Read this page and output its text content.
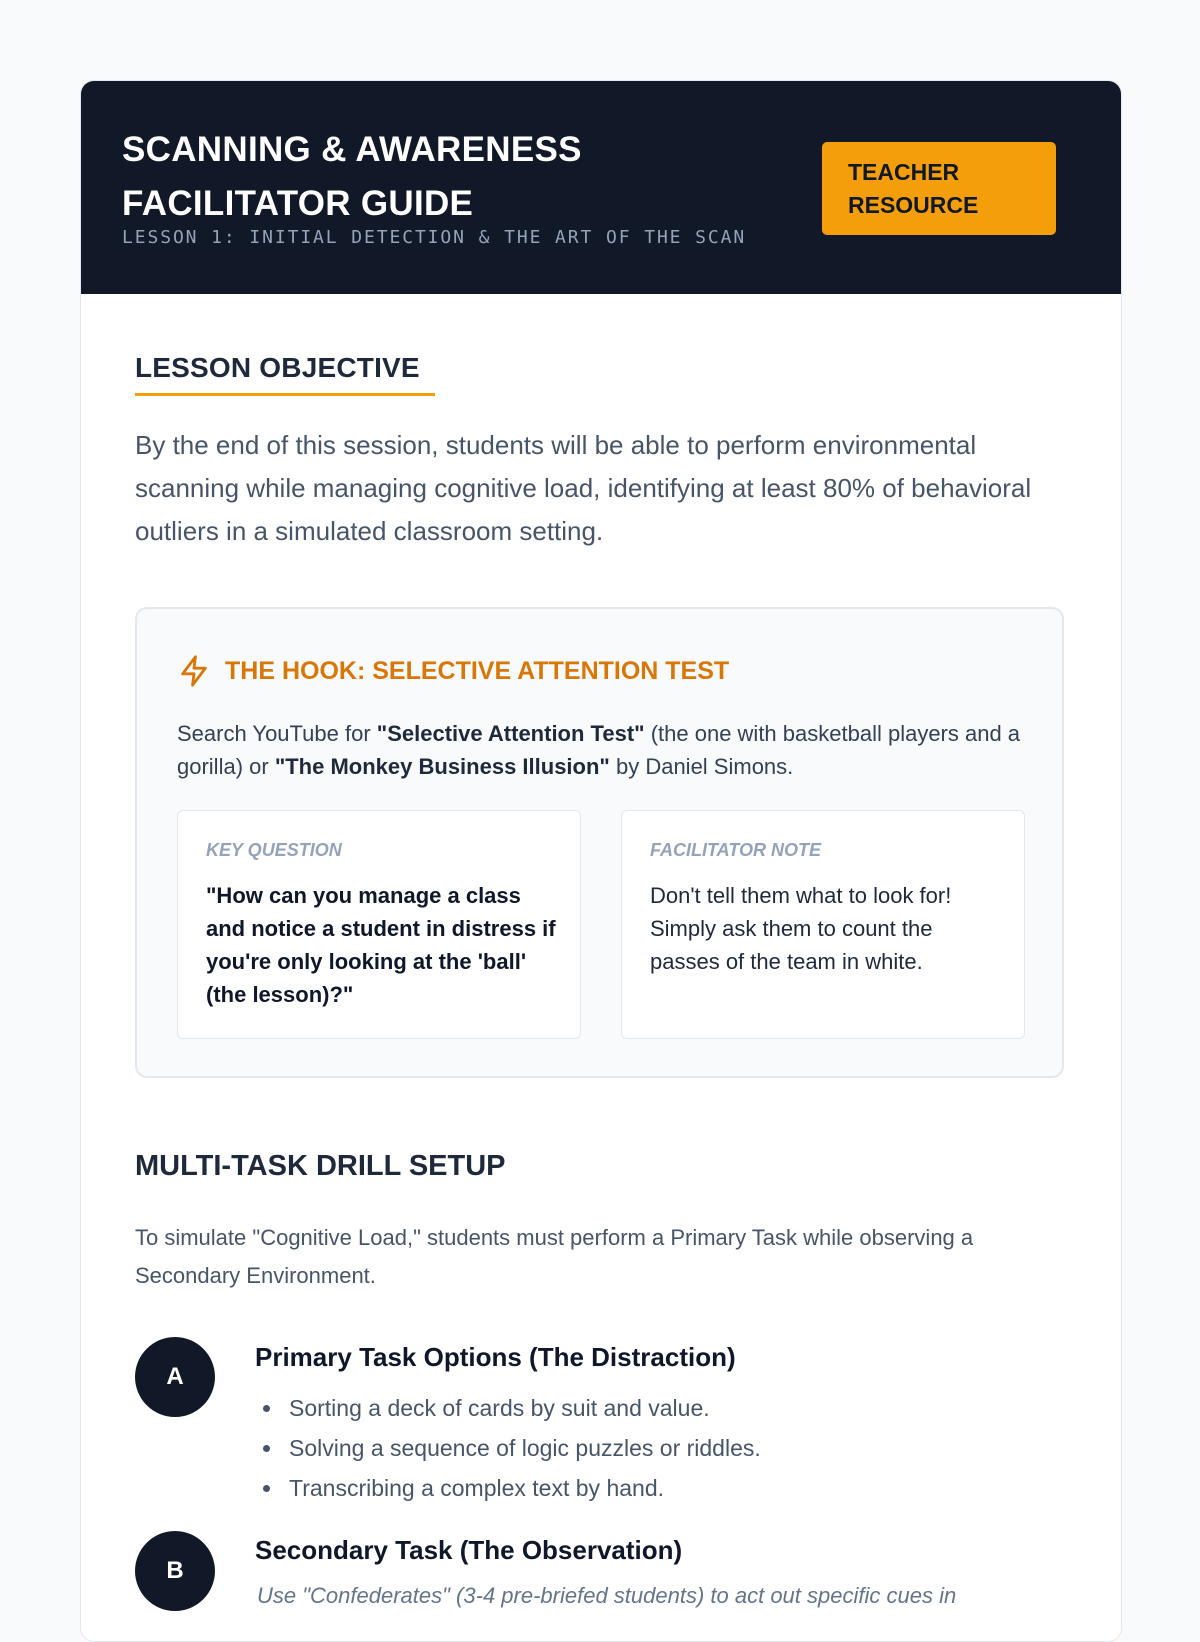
SCANNING & AWARENESS
FACILITATOR GUIDE

LESSON 1: INITIAL DETECTION & THE ART OF THE SCAN

TEACHER
RESOURCE
LESSON OBJECTIVE

By the end of this session, students will be able to perform environmental scanning while managing cognitive load, identifying at least 80% of behavioral outliers in a simulated classroom setting.

THE HOOK: SELECTIVE ATTENTION TEST

Search YouTube for "Selective Attention Test" (the one with basketball players and a gorilla) or "The Monkey Business Illusion" by Daniel Simons.

KEY QUESTION

"How can you manage a class and notice a student in distress if you're only looking at the 'ball' (the lesson)?"

FACILITATOR NOTE

Don't tell them what to look for! Simply ask them to count the passes of the team in white.

MULTI-TASK DRILL SETUP

To simulate "Cognitive Load," students must perform a Primary Task while observing a Secondary Environment.

A
Primary Task Options (The Distraction)
Sorting a deck of cards by suit and value.
Solving a sequence of logic puzzles or riddles.
Transcribing a complex text by hand.
B
Secondary Task (The Observation)

Use "Confederates" (3-4 pre-briefed students) to act out specific cues in
